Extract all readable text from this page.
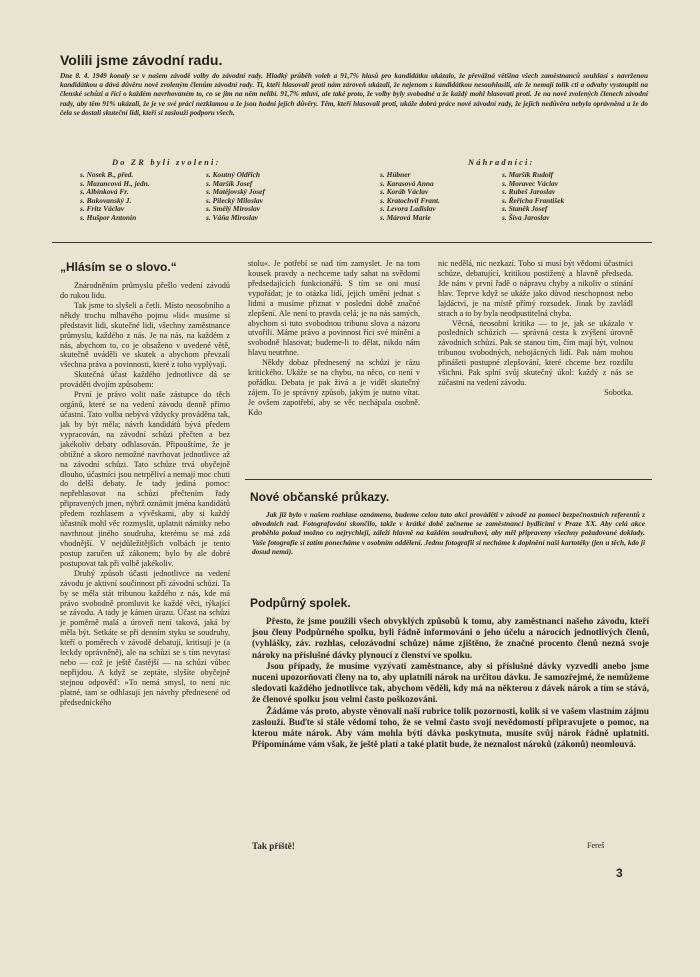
Volili jsme závodní radu.

Dne 8. 4. 1949 konaly se v našem závodě volby do závodní rady. Hladký průběh voleb a 91,7% hlasů pro kandidátku ukázalo, že převážná většina všech zaměstnanců souhlasí s navrženou kandidátkou a dává důvěru nově zvoleným členům závodní rady. Ti, kteří hlasovali proti nám zároveň ukázali, že nejenom s kandidátkou nesouhlasili, ale že nemají tolik cti a odvahy vystoupiti na členské schůzi a říci o každém navrhovaném to, co se jim na něm nelíbí. 91,7% mluví, ale také proto, že volby byly svobodné a že každý mohl hlasovati proti. Je na nově zvolených členech závodní rady, aby těm 91% ukázali, že je ve své práci nezklamou a že jsou hodni jejich důvěry. Těm, kteří hlasovali proti, ukáže dobrá práce nové závodní rady, že jejich nedůvěra nebyla oprávněná a že do čela se dostali skuteční lidi, kteří si zaslouží podporu všech.

Do ZR byli zvoleni:	Náhradníci:
s. Nosek B., před.
s. Mazancová H., jedn.
s. Albínková Fr.
s. Bukovanský J.
s. Fritz Václav
s. Hušpor Antonín
s. Koutný Oldřich
s. Maršík Josef
s. Matějovský Josef
s. Pilecký Miloslav
s. Smělý Miroslav
s. Váňa Miroslav
s. Hübner
s. Karasová Anna
s. Koráb Václav
s. Kratochvíl Frant.
s. Levora Ladislav
s. Márová Marie
s. Maršík Rudolf
s. Moravec Václav
s. Rubeš Jaroslav
s. Řeřicha František
s. Staněk Josef
s. Šíva Jaroslav
„Hlásím se o slovo.“

Znárodněním průmyslu přešlo vedení závodů do rukou lidu.

Tak jsme to slyšeli a četli. Místo neosobního a někdy trochu mlhavého pojmu »lid« musíme si představit lidi, skutečné lidi, všechny zaměstnance průmyslu, každého z nás. Je na nás, na každém z nás, abychom to, co je obsaženo v uvedené větě, skutečně uváděli ve skutek a abychom převzali všechna práva a povinnosti, které z toho vyplývají.

Skutečná účast každého jednotlivce dá se prováděti dvojím způsobem:

První je právo volit naše zástupce do těch orgánů, které se na vedení závodu denně přímo účastní. Tato volba nebývá vždycky prováděna tak, jak by být měla; návrh kandidátů bývá předem vypracován, na závodní schůzi přečten a bez jakékoliv debaty odhlasován. Připouštíme, že je obtížné a skoro nemožné navrhovat jednotlivce až na závodní schůzi. Tato schůze trvá obyčejně dlouho, účastníci jsou netrpěliví a nemají moc chuti do delší debaty. Je tady jediná pomoc: nepřehlasovat na schůzi přečtením řady připravených jmen, nýbrž oznámit jména kandidátů předem rozhlasem a vývěskami, aby si každý účastník mohl věc rozmyslit, uplatnit námitky nebo navrhnout jiného soudruha, kterému se má zdá vhodnější. V nejdůležitějších volbách je tento postup zaručen už zákonem; bylo by ale dobré postupovat tak při volbě jakékoliv.

Druhý způsob účasti jednotlivce na vedení závodu je aktivní součinnost při závodní schůzi. Ta by se měla stát tribunou každého z nás, kde má právo svobodně promluvit ke každé věci, týkající se závodu. A tady je kámen úrazu. Účast na schůzi je poměrně malá a úroveň není taková, jaká by měla být. Setkáte se při denním styku se soudruhy, kteří o poměrech v závodě debatují, kritisují je (a leckdy oprávněně), ale na schůzi se s tím nevytasí nebo — což je ještě častější — na schůzi vůbec nepřijdou. A když se zeptáte, slyšíte obyčejně stejnou odpověď: »To nemá smysl, to není nic platné, tam se odhlasují jen návrhy přednesené od předsednického

stolu«. Je potřebí se nad tím zamyslet. Je na tom kousek pravdy a nechceme tady sahat na svědomí předsedajících funkcionářů. S tím se oni musí vypořádat; je to otázka lidí, jejich umění jednat s lidmi a musíme přiznat v poslední době značné zlepšení. Ale není to pravda celá; je na nás samých, abychom si tuto svobodnou tribunu slova a názoru utvořili. Máme právo a povinnost říci své mínění a svobodně hlasovat; budeme-li to dělat, nikdo nám hlavu neutrhne.

Někdy dobaz přednesený na schůzi je rázu kritického. Ukáže se na chybu, na něco, co není v pořádku. Debata je pak živá a je vidět skutečný zájem. To je správný způsob, jakým je nutno vítat. Je ovšem zapotřebí, aby se věc nechápala osobně. Kdo

nic nedělá, nic nezkazí. Toho si musí být vědomi účastníci schůze, debatující, kritikou postižený a hlavně předseda. Jde nám v první řadě o nápravu chyby a nikoliv o stínání hlav. Teprve když se ukáže jako důvod neschopnost nebo lajdáctví, je na místě přímý rozsudek. Jinak by zavládl strach a to by byla neodpustitelná chyba.

Věcná, neosobní kritika — to je, jak se ukázalo v posledních schůzích — správná cesta k zvýšení úrovně závodních schůzí. Pak se stanou tím, čím mají být, volnou tribunou svobodných, nebojácných lidí. Pak nám mohou přinášeti postupné zlepšování, které chceme bez rozdílu všichni. Pak splní svůj skutečný úkol: každý z nás se zúčastní na vedení závodu.

Sobotka.

Nové občanské průkazy.

Jak již bylo v našem rozhlase oznámeno, budeme celou tuto akci prováděti v závodě za pomoci bezpečnostních referentů z obvodních rad. Fotografování skončilo, takže v krátké době začneme se zaměstnanci bydlícími v Praze XX. Aby celá akce proběhla pokud možno co nejrychleji, záleží hlavně na každém soudruhovi, aby měl připraveny všechny požadované doklady. Vaše fotografie si zatím ponecháme v osobním oddělení. Jednu fotografii si necháme k doplnění naší kartotéky (jen u těch, kdo ji dosud nemá).

Podpůrný spolek.

Přesto, že jsme použili všech obvyklých způsobů k tomu, aby zaměstnanci našeho závodu, kteří jsou členy Podpůrného spolku, byli řádně informováni o jeho účelu a nárocích jednotlivých členů, (vyhlášky, záv. rozhlas, celozávodní schůze) náme zjištěno, že značné procento členů nezná svoje nároky na příslušné dávky plynoucí z členství ve spolku.

Jsou případy, že musíme vyzývati zaměstnance, aby si příslušné dávky vyzvedli anebo jsme nuceni upozorňovati členy na to, aby uplatnili nárok na určitou dávku. Je samozřejmé, že nemůžeme sledovati každého jednotlivce tak, abychom věděli, kdy má na některou z dávek nárok a tím se stává, že členové spolku jsou velmi často poškozováni.

Žádáme vás proto, abyste věnovali naší rubrice tolik pozornosti, kolik si ve vašem vlastním zájmu zaslouží. Buďte si stále vědomi toho, že se velmi často svojí nevědomostí připravujete o pomoc, na kterou máte nárok. Aby vám mohla býti dávka poskytnuta, musíte svůj nárok řádně uplatniti. Připomínáme vám však, že ještě platí a také platit bude, že neznalost nároků (zákonů) neomlouvá.

Tak příště!	Fereš
3
